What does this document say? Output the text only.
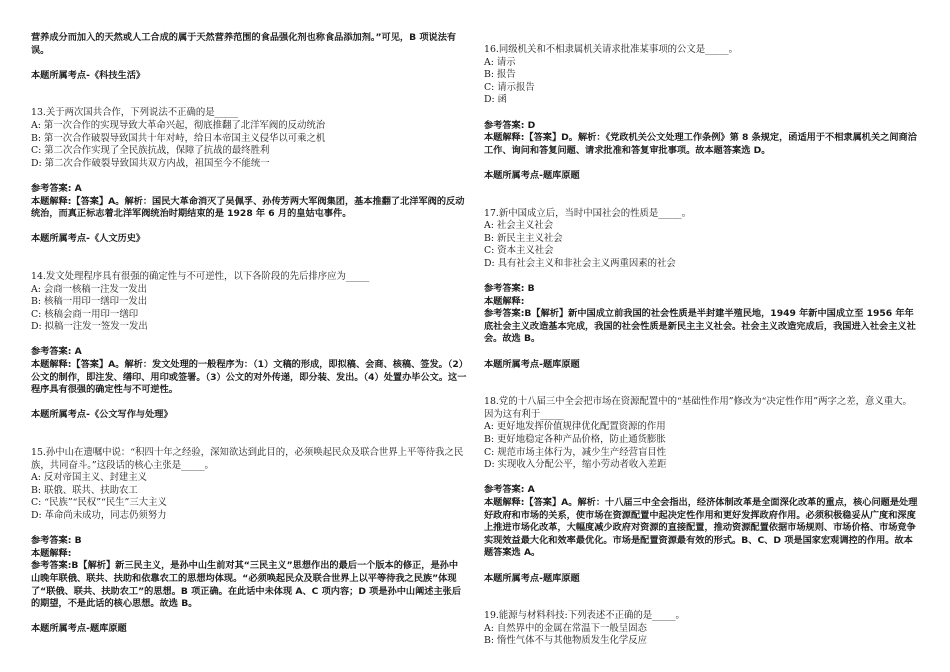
营养成分而加入的天然或人工合成的属于天然营养范围的食品强化剂也称食品添加剂。”可见，B 项说法有误。
本题所属考点-《科技生活》
13.关于两次国共合作，下列说法不正确的是_____
A: 第一次合作的实现导致大革命兴起，彻底推翻了北洋军阀的反动统治
B: 第一次合作破裂导致国共十年对峙，给日本帝国主义侵华以可乘之机
C: 第二次合作实现了全民族抗战，保障了抗战的最终胜利
D: 第二次合作破裂导致国共双方内战，祖国至今不能统一
参考答案: A
本题解释:【答案】A。解析：国民大革命消灭了吴佩孚、孙传芳两大军阀集团，基本推翻了北洋军阀的反动统治，而真正标志着北洋军阀统治时期结束的是 1928 年 6 月的皇姑屯事件。
本题所属考点-《人文历史》
14.发文处理程序具有很强的确定性与不可逆性，以下各阶段的先后排序应为_____
A: 会商一核稿一注发一发出
B: 核稿一用印一缮印一发出
C: 核稿会商一用印一缮印
D: 拟稿一注发一签发一发出
参考答案: A
本题解释:【答案】A。解析：发文处理的一般程序为：（1）文稿的形成，即拟稿、会商、核稿、签发。（2）公文的制作，即注发、缮印、用印或签署。（3）公文的对外传递，即分装、发出。（4）处置办毕公文。这一程序具有很强的确定性与不可逆性。
本题所属考点-《公文写作与处理》
15.孙中山在遗嘱中说：“积四十年之经验，深知欲达到此目的，必须唤起民众及联合世界上平等待我之民族，共同奋斗。”这段话的核心主张是_____。
A: 反对帝国主义、封建主义
B: 联俄、联共、扶助农工
C: “民族”“民权”“民生”三大主义
D: 革命尚未成功，同志仍须努力
参考答案: B
本题解释:
参考答案:B【解析】新三民主义，是孙中山生前对其“三民主义”思想作出的最后一个版本的修正，是孙中山晚年联俄、联共、扶助和依靠农工的思想均体现。“必须唤起民众及联合世界上以平等待我之民族”体现了“联俄、联共、扶助农工”的思想。B 项正确。在此话中未体现 A、C 项内容；D 项是孙中山阐述主张后的期望，不是此话的核心思想。故选 B。
本题所属考点-题库原题
16.同级机关和不相隶属机关请求批准某事项的公文是_____。
A: 请示
B: 报告
C: 请示报告
D: 函
参考答案: D
本题解释:【答案】D。解析：《党政机关公文处理工作条例》第 8 条规定，函适用于不相隶属机关之间商洽工作、询问和答复问题、请求批准和答复审批事项。故本题答案选 D。
本题所属考点-题库原题
17.新中国成立后，当时中国社会的性质是_____。
A: 社会主义社会
B: 新民主主义社会
C: 资本主义社会
D: 具有社会主义和非社会主义两重因素的社会
参考答案: B
本题解释:
参考答案:B【解析】新中国成立前我国的社会性质是半封建半殖民地，1949 年新中国成立至 1956 年年底社会主义改造基本完成，我国的社会性质是新民主主义社会。社会主义改造完成后，我国进入社会主义社会。故选 B。
本题所属考点-题库原题
18.党的十八届三中全会把市场在资源配置中的“基础性作用”修改为“决定性作用”两字之差，意义重大。因为这有利于_____
A: 更好地发挥价值规律优化配置资源的作用
B: 更好地稳定各种产品价格，防止通货膨胀
C: 规范市场主体行为，减少生产经营盲目性
D: 实现收入分配公平，缩小劳动者收入差距
参考答案: A
本题解释:【答案】A。解析：十八届三中全会指出，经济体制改革是全面深化改革的重点，核心问题是处理好政府和市场的关系，使市场在资源配置中起决定性作用和更好发挥政府作用。必须积极稳妥从广度和深度上推进市场化改革，大幅度减少政府对资源的直接配置，推动资源配置依据市场规则、市场价格、市场竞争实现效益最大化和效率最优化。市场是配置资源最有效的形式。B、C、D 项是国家宏观调控的作用。故本题答案选 A。
本题所属考点-题库原题
19.能源与材料科技:下列表述不正确的是_____。
A: 自然界中的金属在常温下一般呈固态
B: 惰性气体不与其他物质发生化学反应
